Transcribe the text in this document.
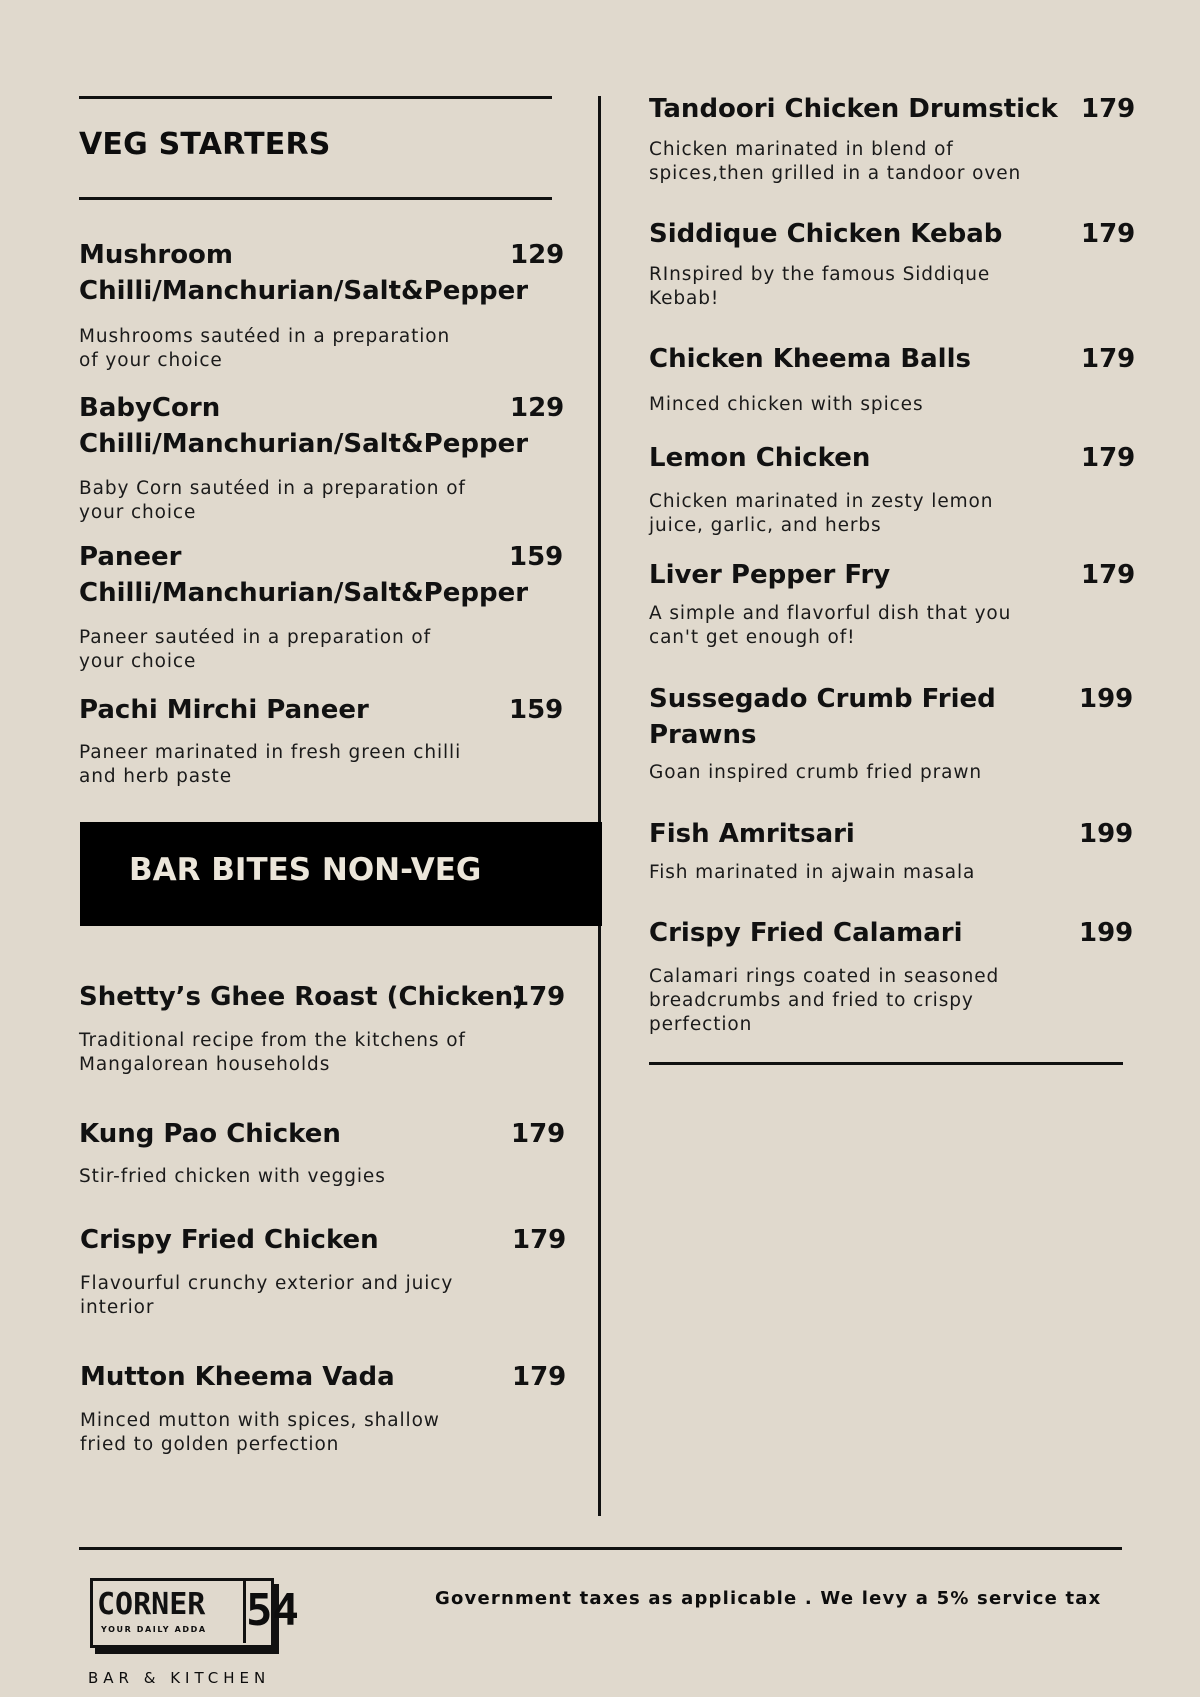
VEG STARTERS
BAR BITES NON-VEG
Mushroom
Chilli/Manchurian/Salt&Pepper
129
Mushrooms sautéed in a preparation
of your choice
BabyCorn
Chilli/Manchurian/Salt&Pepper
129
Baby Corn sautéed in a preparation of
your choice
Paneer
Chilli/Manchurian/Salt&Pepper
159
Paneer sautéed in a preparation of
your choice
Pachi Mirchi Paneer	159
Paneer marinated in fresh green chilli
and herb paste
Shetty’s Ghee Roast (Chicken)
179
Traditional recipe from the kitchens of
Mangalorean households
Kung Pao Chicken	179
Stir-fried chicken with veggies
Crispy Fried Chicken	179
Flavourful crunchy exterior and juicy
interior
Mutton Kheema Vada	179
Minced mutton with spices, shallow
fried to golden perfection
Tandoori Chicken Drumstick 179
Chicken marinated in blend of
spices,then grilled in a tandoor oven
Siddique Chicken Kebab	179
RInspired by the famous Siddique
Kebab!
Chicken Kheema Balls	179
Minced chicken with spices
Lemon Chicken	179
Chicken marinated in zesty lemon
juice, garlic, and herbs
Liver Pepper Fry	179
A simple and flavorful dish that you
can't get enough of!
Sussegado Crumb Fried
Prawns
199
Goan inspired crumb fried prawn
Fish Amritsari	199
Fish marinated in ajwain masala
Crispy Fried Calamari	199
Calamari rings coated in seasoned
breadcrumbs and fried to crispy
perfection
CORNER
YOUR DAILY ADDA 54
BAR & KITCHEN
Government taxes as applicable . We levy a 5% service tax
